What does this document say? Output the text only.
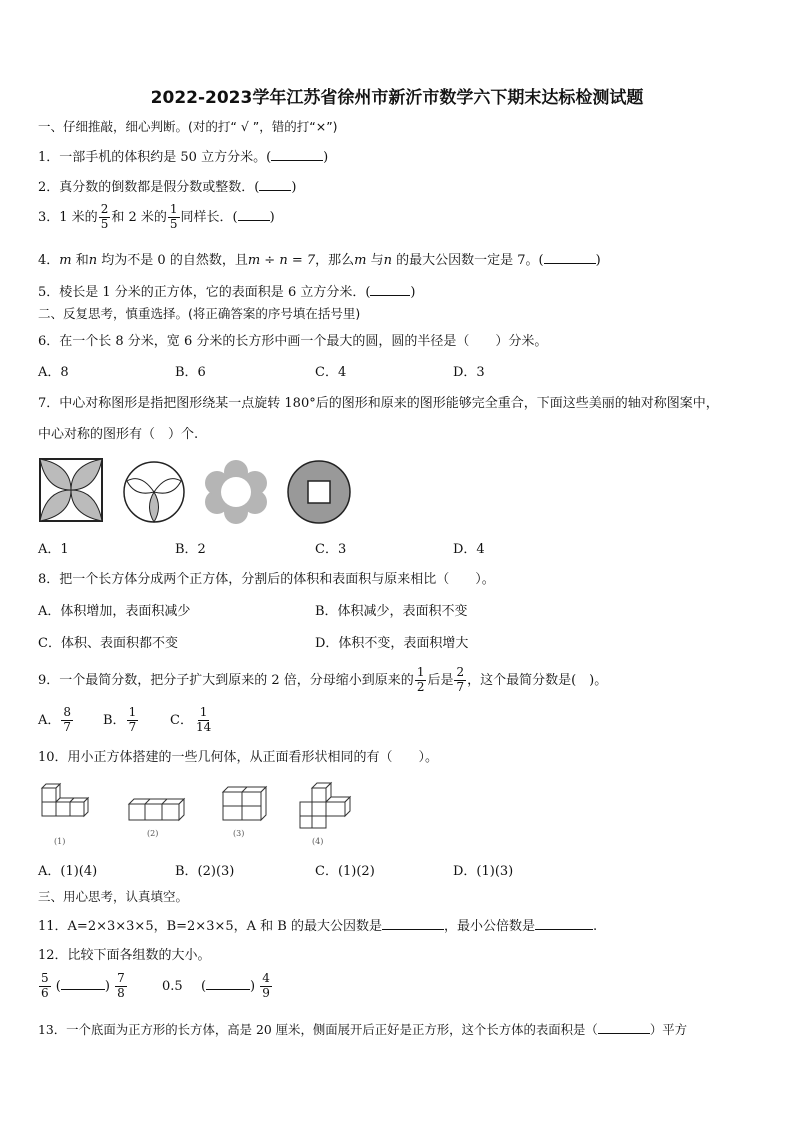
2022-2023学年江苏省徐州市新沂市数学六下期末达标检测试题
一、仔细推敲，细心判断。(对的打“ √ ”，错的打“×”)
1．一部手机的体积约是 50 立方分米。(	)
2．真分数的倒数都是假分数或整数．( )
3．1 米的 $\frac{2}{5}$ 和 2 米的 $\frac{1}{5}$ 同样长．( )
4．m 和n 均为不是 0 的自然数，且m ÷ n = 7，那么m 与n 的最大公因数一定是 7。(	)
5．棱长是 1 分米的正方体，它的表面积是 6 立方分米．(	)
二、反复思考，慎重选择。(将正确答案的序号填在括号里)
6．在一个长 8 分米，宽 6 分米的长方形中画一个最大的圆，圆的半径是（　　）分米。
A．8	B．6	C．4	D．3
7．中心对称图形是指把图形绕某一点旋转 180°后的图形和原来的图形能够完全重合，下面这些美丽的轴对称图案中，
中心对称的图形有（　）个.
A．1	B．2	C．3	D．4
8．把一个长方体分成两个正方体，分割后的体积和表面积与原来相比（　　）。
A．体积增加，表面积减少	B．体积减少，表面积不变
C．体积、表面积都不变	D．体积不变，表面积增大
9．一个最简分数，把分子扩大到原来的 2 倍，分母缩小到原来的 $\frac{1}{2}$ 后是 $\frac{2}{7}$ ，这个最简分数是(　)。
A． $\frac{8}{7}$ B． $\frac{1}{7}$ C． $\frac{1}{14}$
10．用小正方体搭建的一些几何体，从正面看形状相同的有（　　）。
(1)
(2)	(3)
(4)
A．(1)(4)	B．(2)(3)	C．(1)(2)	D．(1)(3)
三、用心思考，认真填空。
11．A=2×3×3×5，B=2×3×5，A 和 B 的最大公因数是	，最小公倍数是	.
12．比较下面各组数的大小。
$\frac{5}{6}$ (	) $\frac{7}{8}$	0.5 (	) $\frac{4}{9}$
13．一个底面为正方形的长方体，高是 20 厘米，侧面展开后正好是正方形，这个长方体的表面积是（	）平方
